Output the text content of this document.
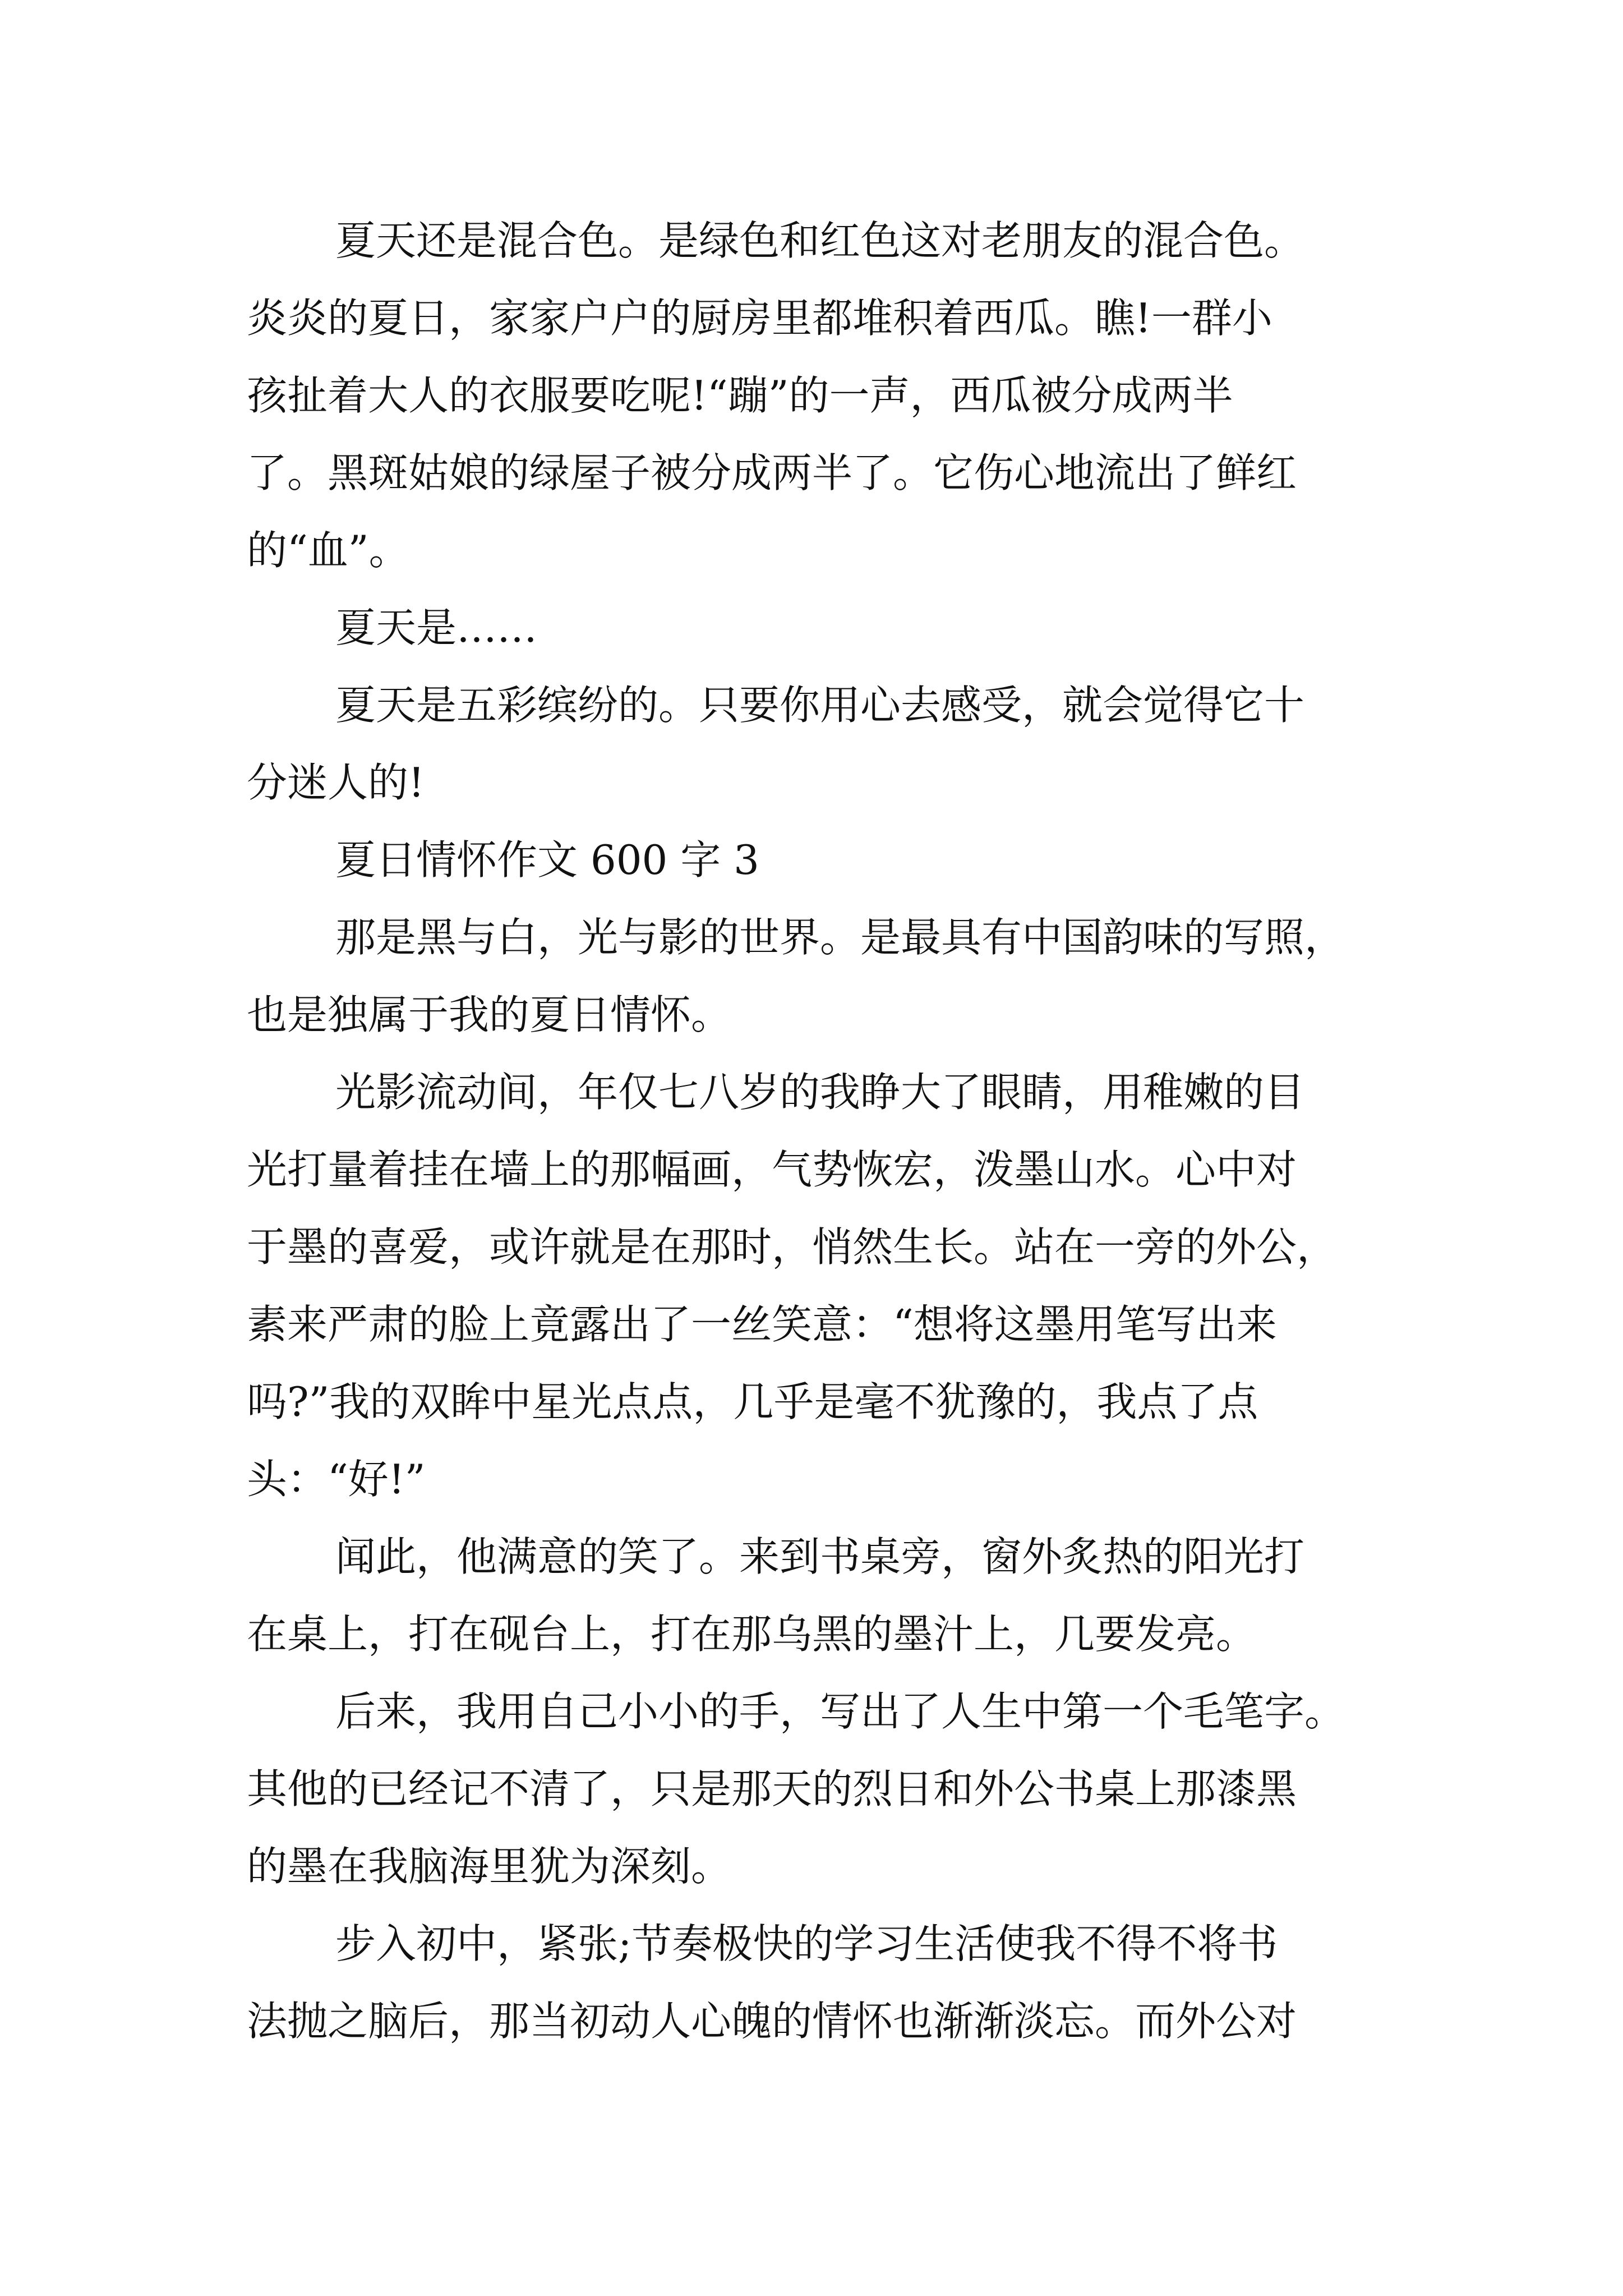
夏天还是混合色。是绿色和红色这对老朋友的混合色。
炎炎的夏日，家家户户的厨房里都堆积着西瓜。瞧!一群小
孩扯着大人的衣服要吃呢!“蹦”的一声，西瓜被分成两半
了。黑斑姑娘的绿屋子被分成两半了。它伤心地流出了鲜红
的“血”。
夏天是……
夏天是五彩缤纷的。只要你用心去感受，就会觉得它十
分迷人的!
夏日情怀作文 600 字 3
那是黑与白，光与影的世界。是最具有中国韵味的写照，
也是独属于我的夏日情怀。
光影流动间，年仅七八岁的我睁大了眼睛，用稚嫩的目
光打量着挂在墙上的那幅画，气势恢宏，泼墨山水。心中对
于墨的喜爱，或许就是在那时，悄然生长。站在一旁的外公，
素来严肃的脸上竟露出了一丝笑意：“想将这墨用笔写出来
吗?”我的双眸中星光点点，几乎是毫不犹豫的，我点了点
头：“好!”
闻此，他满意的笑了。来到书桌旁，窗外炙热的阳光打
在桌上，打在砚台上，打在那乌黑的墨汁上，几要发亮。
后来，我用自己小小的手，写出了人生中第一个毛笔字。
其他的已经记不清了，只是那天的烈日和外公书桌上那漆黑
的墨在我脑海里犹为深刻。
步入初中，紧张;节奏极快的学习生活使我不得不将书
法抛之脑后，那当初动人心魄的情怀也渐渐淡忘。而外公对
